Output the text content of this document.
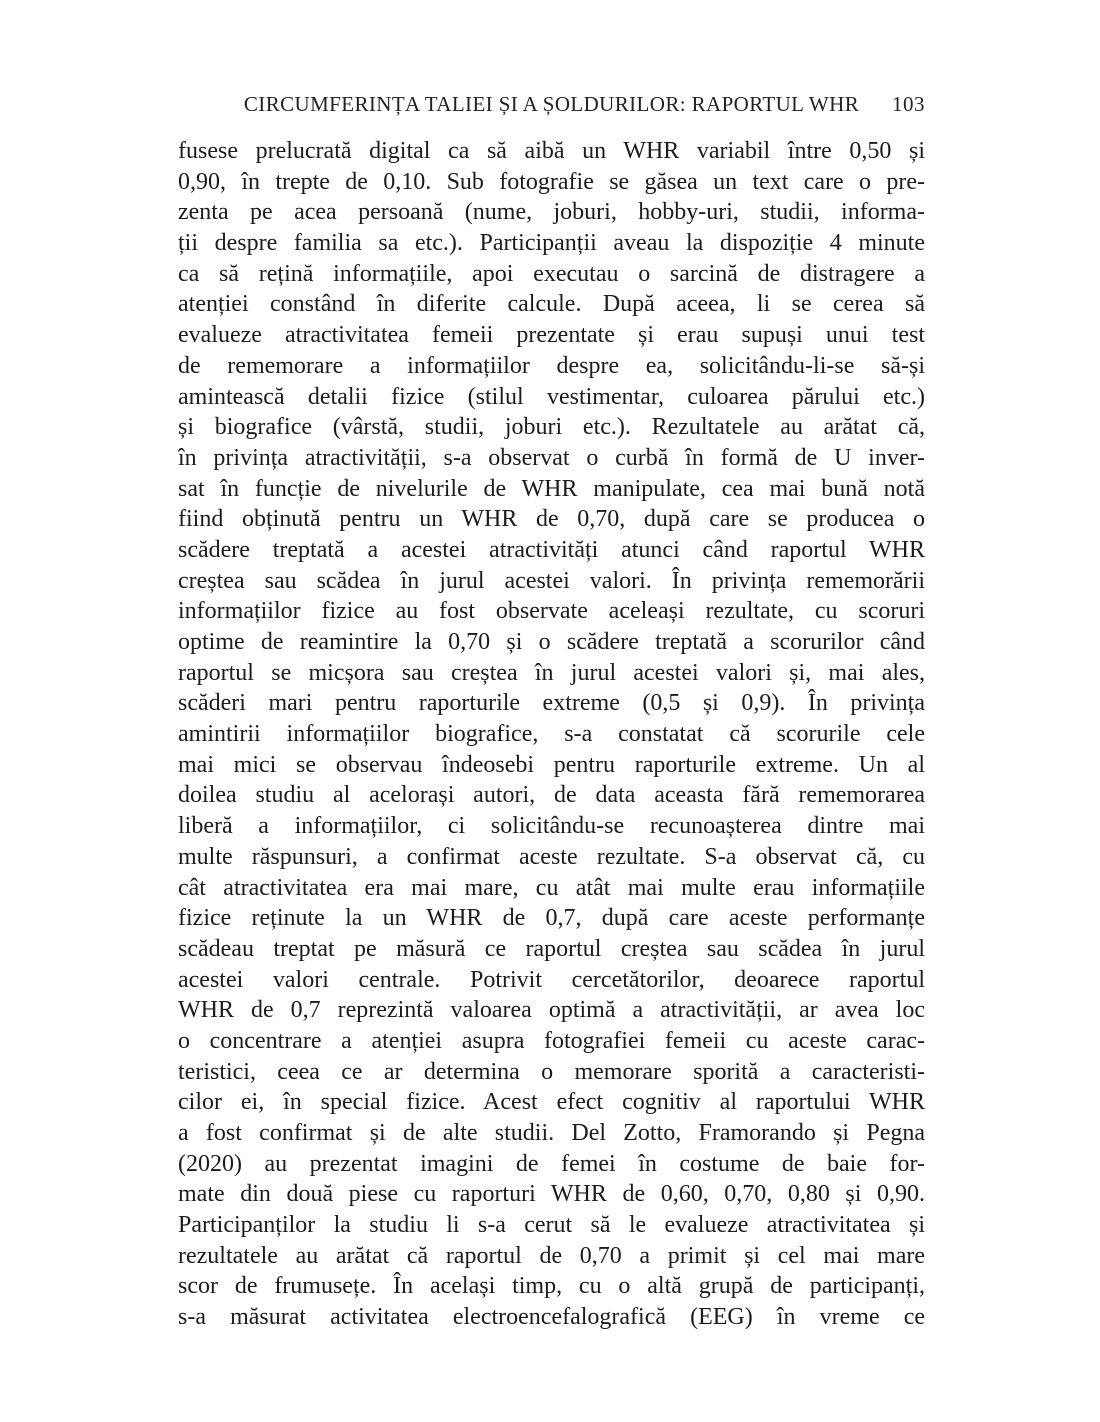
CIRCUMFERINȚA TALIEI ȘI A ȘOLDURILOR: RAPORTUL WHR 103
fusese prelucrată digital ca să aibă un WHR variabil între 0,50 și
0,90, în trepte de 0,10. Sub fotografie se găsea un text care o pre-
zenta pe acea persoană (nume, joburi, hobby-uri, studii, informa-
ții despre familia sa etc.). Participanții aveau la dispoziție 4 minute
ca să rețină informațiile, apoi executau o sarcină de distragere a
atenției constând în diferite calcule. După aceea, li se cerea să
evalueze atractivitatea femeii prezentate și erau supuși unui test
de rememorare a informațiilor despre ea, solicitându-li-se să-și
amintească detalii fizice (stilul vestimentar, culoarea părului etc.)
și biografice (vârstă, studii, joburi etc.). Rezultatele au arătat că,
în privința atractivității, s-a observat o curbă în formă de U inver-
sat în funcție de nivelurile de WHR manipulate, cea mai bună notă
fiind obținută pentru un WHR de 0,70, după care se producea o
scădere treptată a acestei atractivități atunci când raportul WHR
creștea sau scădea în jurul acestei valori. În privința rememorării
informațiilor fizice au fost observate aceleași rezultate, cu scoruri
optime de reamintire la 0,70 și o scădere treptată a scorurilor când
raportul se micșora sau creștea în jurul acestei valori și, mai ales,
scăderi mari pentru raporturile extreme (0,5 și 0,9). În privința
amintirii informațiilor biografice, s-a constatat că scorurile cele
mai mici se observau îndeosebi pentru raporturile extreme. Un al
doilea studiu al acelorași autori, de data aceasta fără rememorarea
liberă a informațiilor, ci solicitându-se recunoașterea dintre mai
multe răspunsuri, a confirmat aceste rezultate. S-a observat că, cu
cât atractivitatea era mai mare, cu atât mai multe erau informațiile
fizice reținute la un WHR de 0,7, după care aceste performanțe
scădeau treptat pe măsură ce raportul creștea sau scădea în jurul
acestei valori centrale. Potrivit cercetătorilor, deoarece raportul
WHR de 0,7 reprezintă valoarea optimă a atractivității, ar avea loc
o concentrare a atenției asupra fotografiei femeii cu aceste carac-
teristici, ceea ce ar determina o memorare sporită a caracteristi-
cilor ei, în special fizice. Acest efect cognitiv al raportului WHR
a fost confirmat și de alte studii. Del Zotto, Framorando și Pegna
(2020) au prezentat imagini de femei în costume de baie for-
mate din două piese cu raporturi WHR de 0,60, 0,70, 0,80 și 0,90.
Participanților la studiu li s-a cerut să le evalueze atractivitatea și
rezultatele au arătat că raportul de 0,70 a primit și cel mai mare
scor de frumusețe. În același timp, cu o altă grupă de participanți,
s-a măsurat activitatea electroencefalografică (EEG) în vreme ce
